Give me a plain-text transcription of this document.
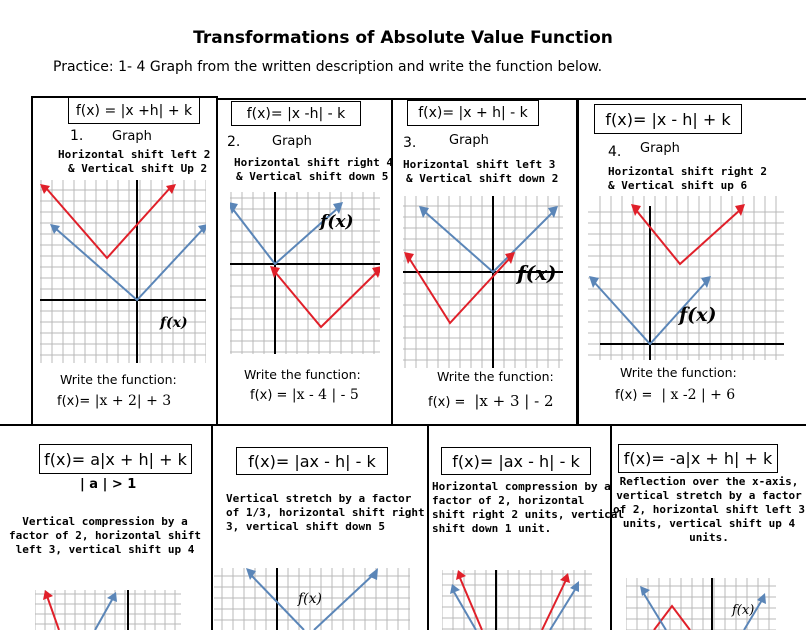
Transformations of Absolute Value Function
Practice: 1- 4 Graph from the written description and write the function below.
f(x) = |x +h| + k
1. Graph
Horizontal shift left 2
& Vertical shift Up 2
f(x)
Write the function:
f(x)= |x + 2| + 3
f(x)= |x -h| - k
2. Graph
Horizontal shift right 4
& Vertical shift down 5
f(x)
Write the function:
f(x) = |x - 4 | - 5
f(x)= |x + h| - k
3.	Graph
Horizontal shift left 3
& Vertical shift down 2
f(x)
Write the function:
f(x) = |x + 3 | - 2
f(x)= |x - h| + k
4. Graph
Horizontal shift right 2
& Vertical shift up 6
f(x)
Write the function:
f(x) = | x -2 | + 6
f(x)= a|x + h| + k
| a | > 1
Vertical compression by a
factor of 2, horizontal shift
left 3, vertical shift up 4
f(x)= |ax - h| - k
Vertical stretch by a factor
of 1/3, horizontal shift right
3, vertical shift down 5
f(x)
f(x)= |ax - h| - k
Horizontal compression by a
factor of 2, horizontal
shift right 2 units, vertical
shift down 1 unit.
f(x)= -a|x + h| + k
Reflection over the x-axis,
vertical stretch by a factor
of 2, horizontal shift left 3
units, vertical shift up 4
units.
f(x)
